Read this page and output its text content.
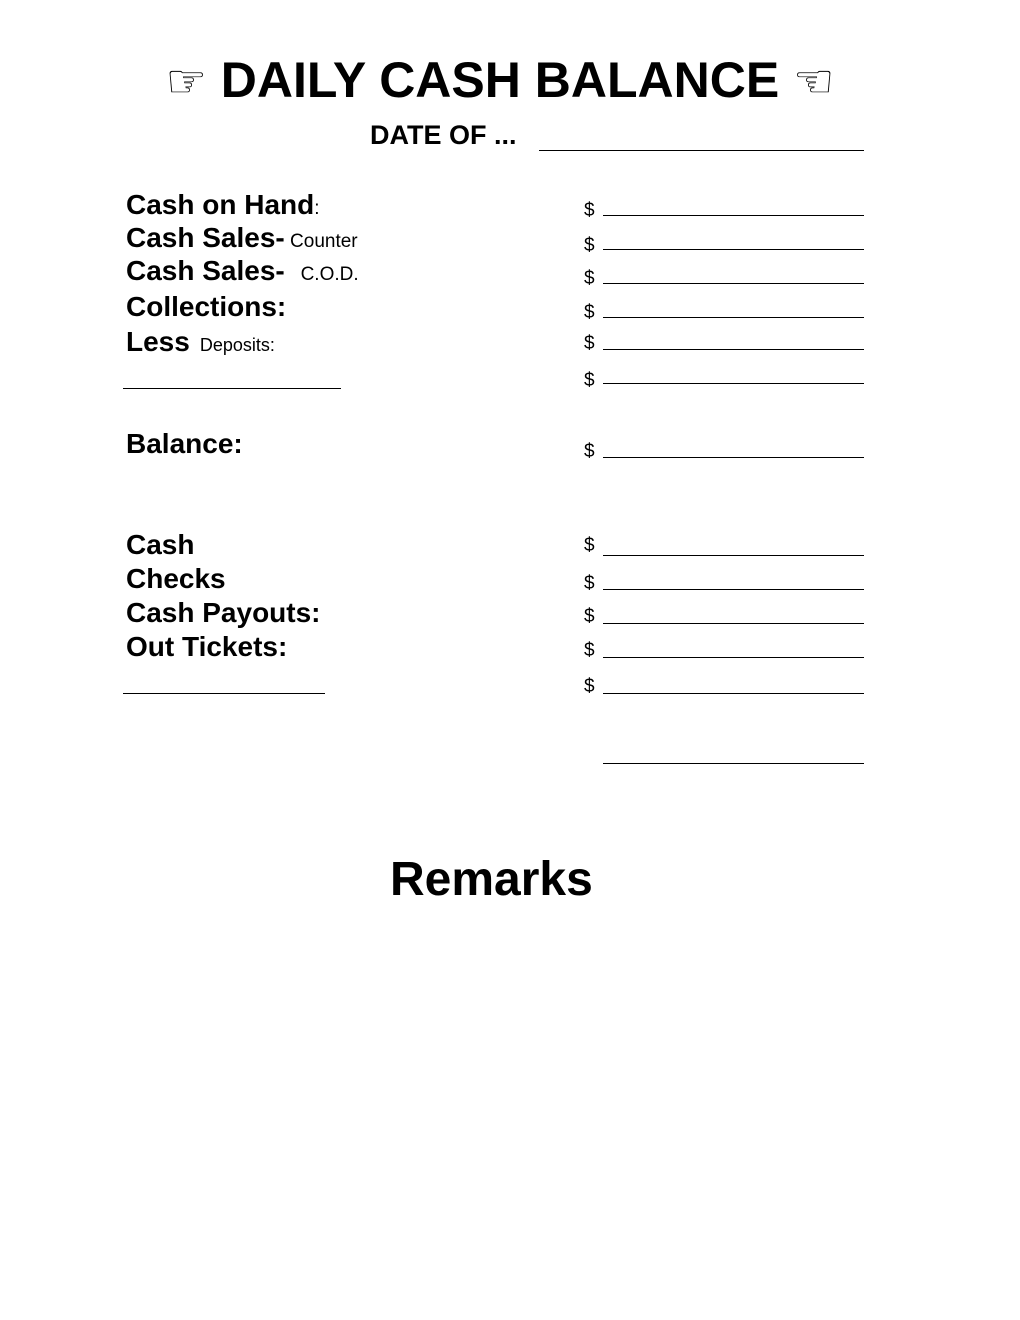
☞ DAILY CASH BALANCE ☜
DATE OF ...
Cash on Hand:
Cash Sales- Counter
Cash Sales-   C.O.D.
Collections:
Less  Deposits:
$
$
$
$
$
$
Balance:	$
Cash
Checks
Cash Payouts:
Out Tickets:
$
$
$
$
$
Remarks
